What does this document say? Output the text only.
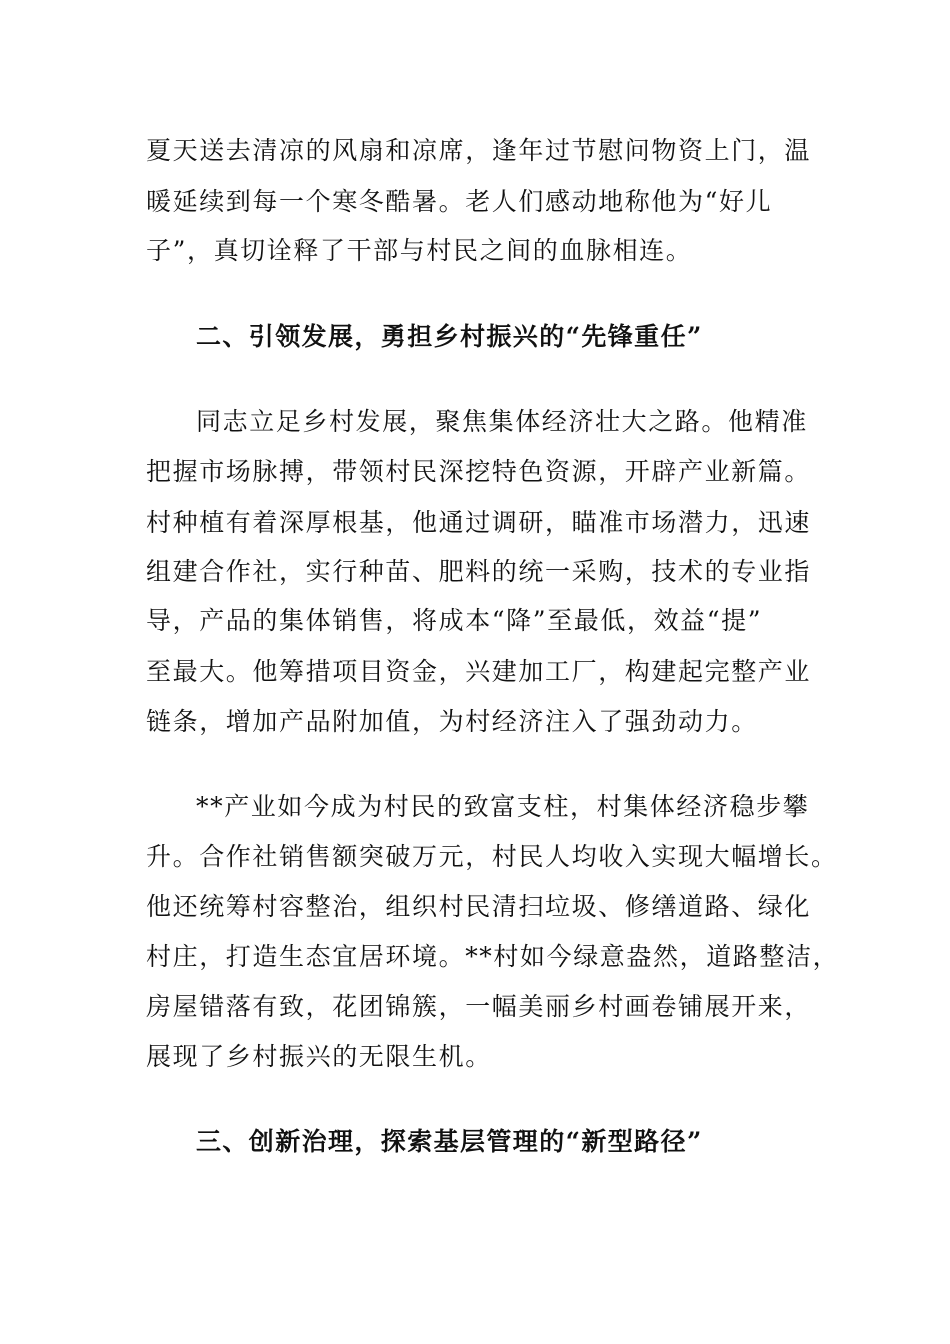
夏天送去清凉的风扇和凉席，逢年过节慰问物资上门，温
暖延续到每一个寒冬酷暑。老人们感动地称他为“好儿
子”，真切诠释了干部与村民之间的血脉相连。
二、引领发展，勇担乡村振兴的“先锋重任”
同志立足乡村发展，聚焦集体经济壮大之路。他精准
把握市场脉搏，带领村民深挖特色资源，开辟产业新篇。
村种植有着深厚根基，他通过调研，瞄准市场潜力，迅速
组建合作社，实行种苗、肥料的统一采购，技术的专业指
导，产品的集体销售，将成本“降”至最低，效益“提”
至最大。他筹措项目资金，兴建加工厂，构建起完整产业
链条，增加产品附加值，为村经济注入了强劲动力。
**产业如今成为村民的致富支柱，村集体经济稳步攀
升。合作社销售额突破万元，村民人均收入实现大幅增长。
他还统筹村容整治，组织村民清扫垃圾、修缮道路、绿化
村庄，打造生态宜居环境。**村如今绿意盎然，道路整洁，
房屋错落有致，花团锦簇，一幅美丽乡村画卷铺展开来，
展现了乡村振兴的无限生机。
三、创新治理，探索基层管理的“新型路径”
